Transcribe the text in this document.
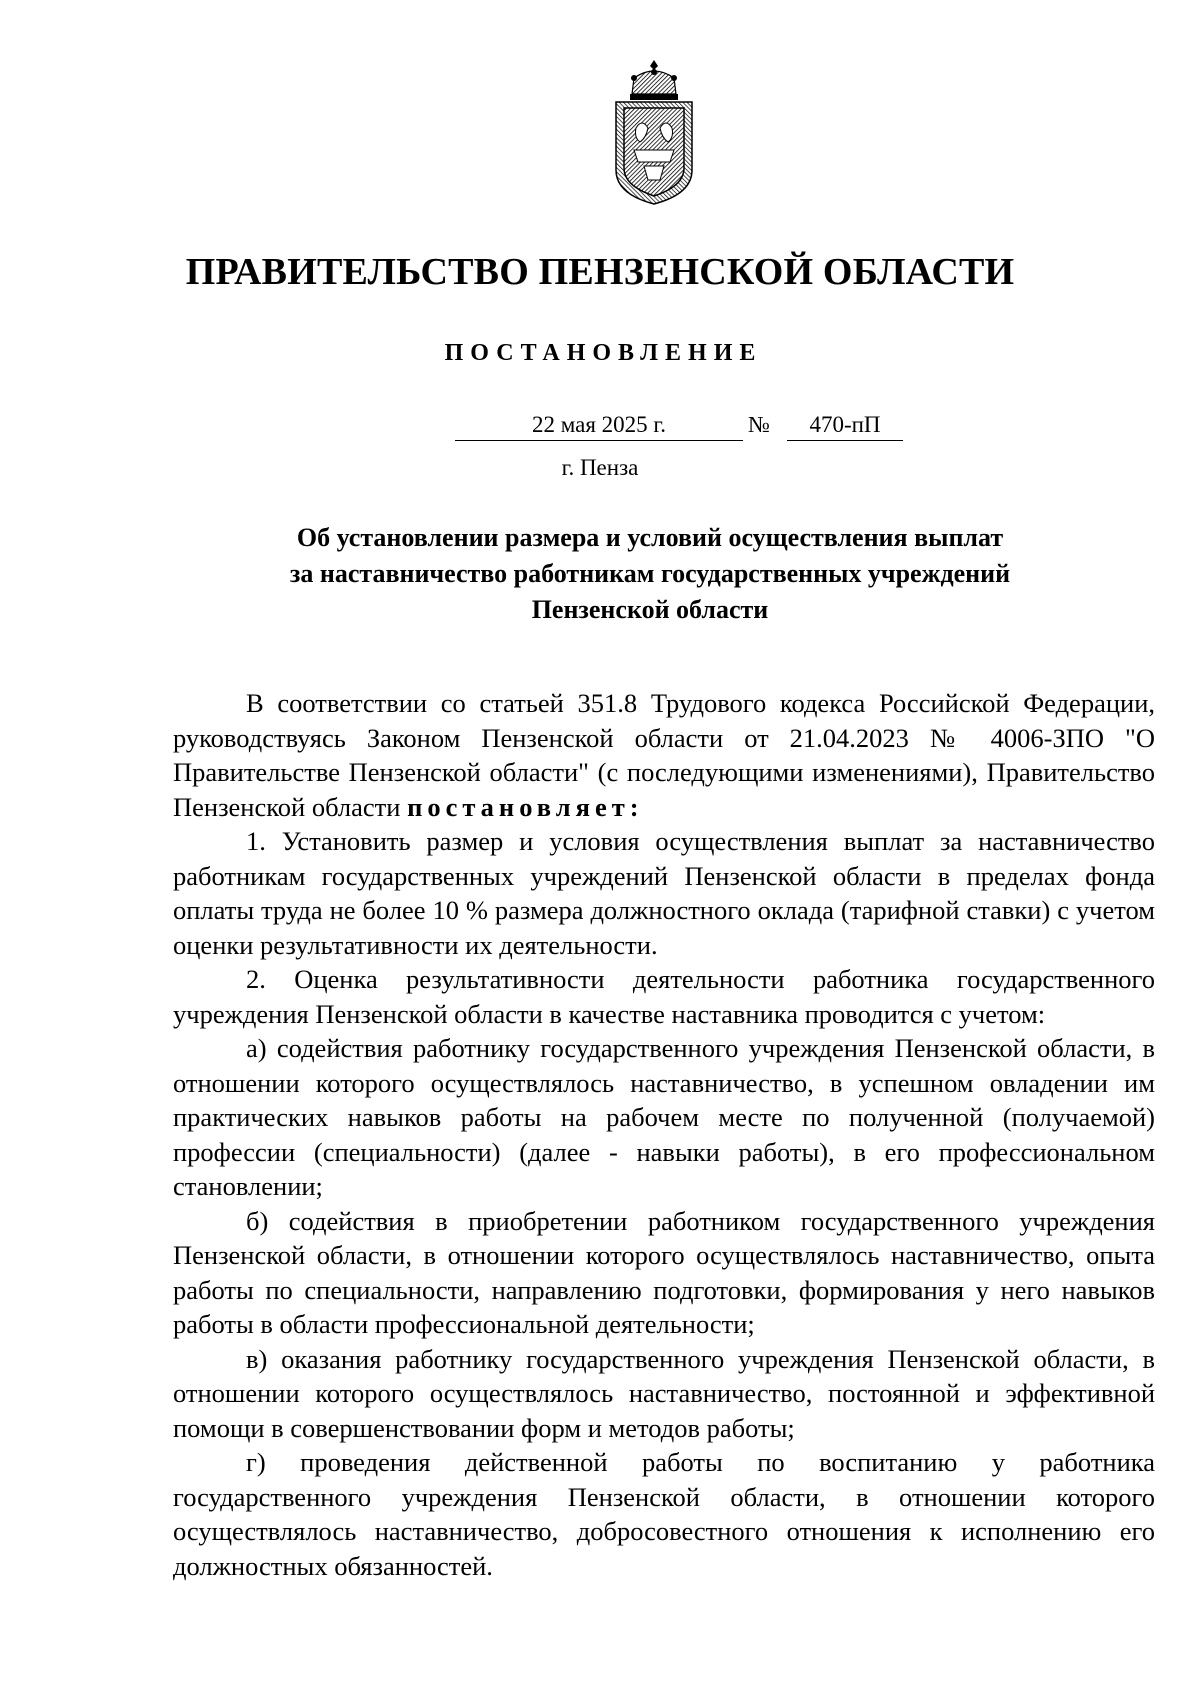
ПРАВИТЕЛЬСТВО ПЕНЗЕНСКОЙ ОБЛАСТИ
ПОСТАНОВЛЕНИЕ
22 мая 2025 г.	№	470-пП
г. Пенза
Об установлении размера и условий осуществления выплат
за наставничество работникам государственных учреждений
Пензенской области

В соответствии со статьей 351.8 Трудового кодекса Российской Федерации, руководствуясь Законом Пензенской области от 21.04.2023 № 4006-ЗПО "О Правительстве Пензенской области" (с последующими изменениями), Правительство Пензенской области постановляет:

1. Установить размер и условия осуществления выплат за наставничество работникам государственных учреждений Пензенской области в пределах фонда оплаты труда не более 10 % размера должностного оклада (тарифной ставки) с учетом оценки результативности их деятельности.

2. Оценка результативности деятельности работника государственного учреждения Пензенской области в качестве наставника проводится с учетом:

а) содействия работнику государственного учреждения Пензенской области, в отношении которого осуществлялось наставничество, в успешном овладении им практических навыков работы на рабочем месте по полученной (получаемой) профессии (специальности) (далее - навыки работы), в его профессиональном становлении;

б) содействия в приобретении работником государственного учреждения Пензенской области, в отношении которого осуществлялось наставничество, опыта работы по специальности, направлению подготовки, формирования у него навыков работы в области профессиональной деятельности;

в) оказания работнику государственного учреждения Пензенской области, в отношении которого осуществлялось наставничество, постоянной и эффективной помощи в совершенствовании форм и методов работы;

г) проведения действенной работы по воспитанию у работника государственного учреждения Пензенской области, в отношении которого осуществлялось наставничество, добросовестного отношения к исполнению его должностных обязанностей.
